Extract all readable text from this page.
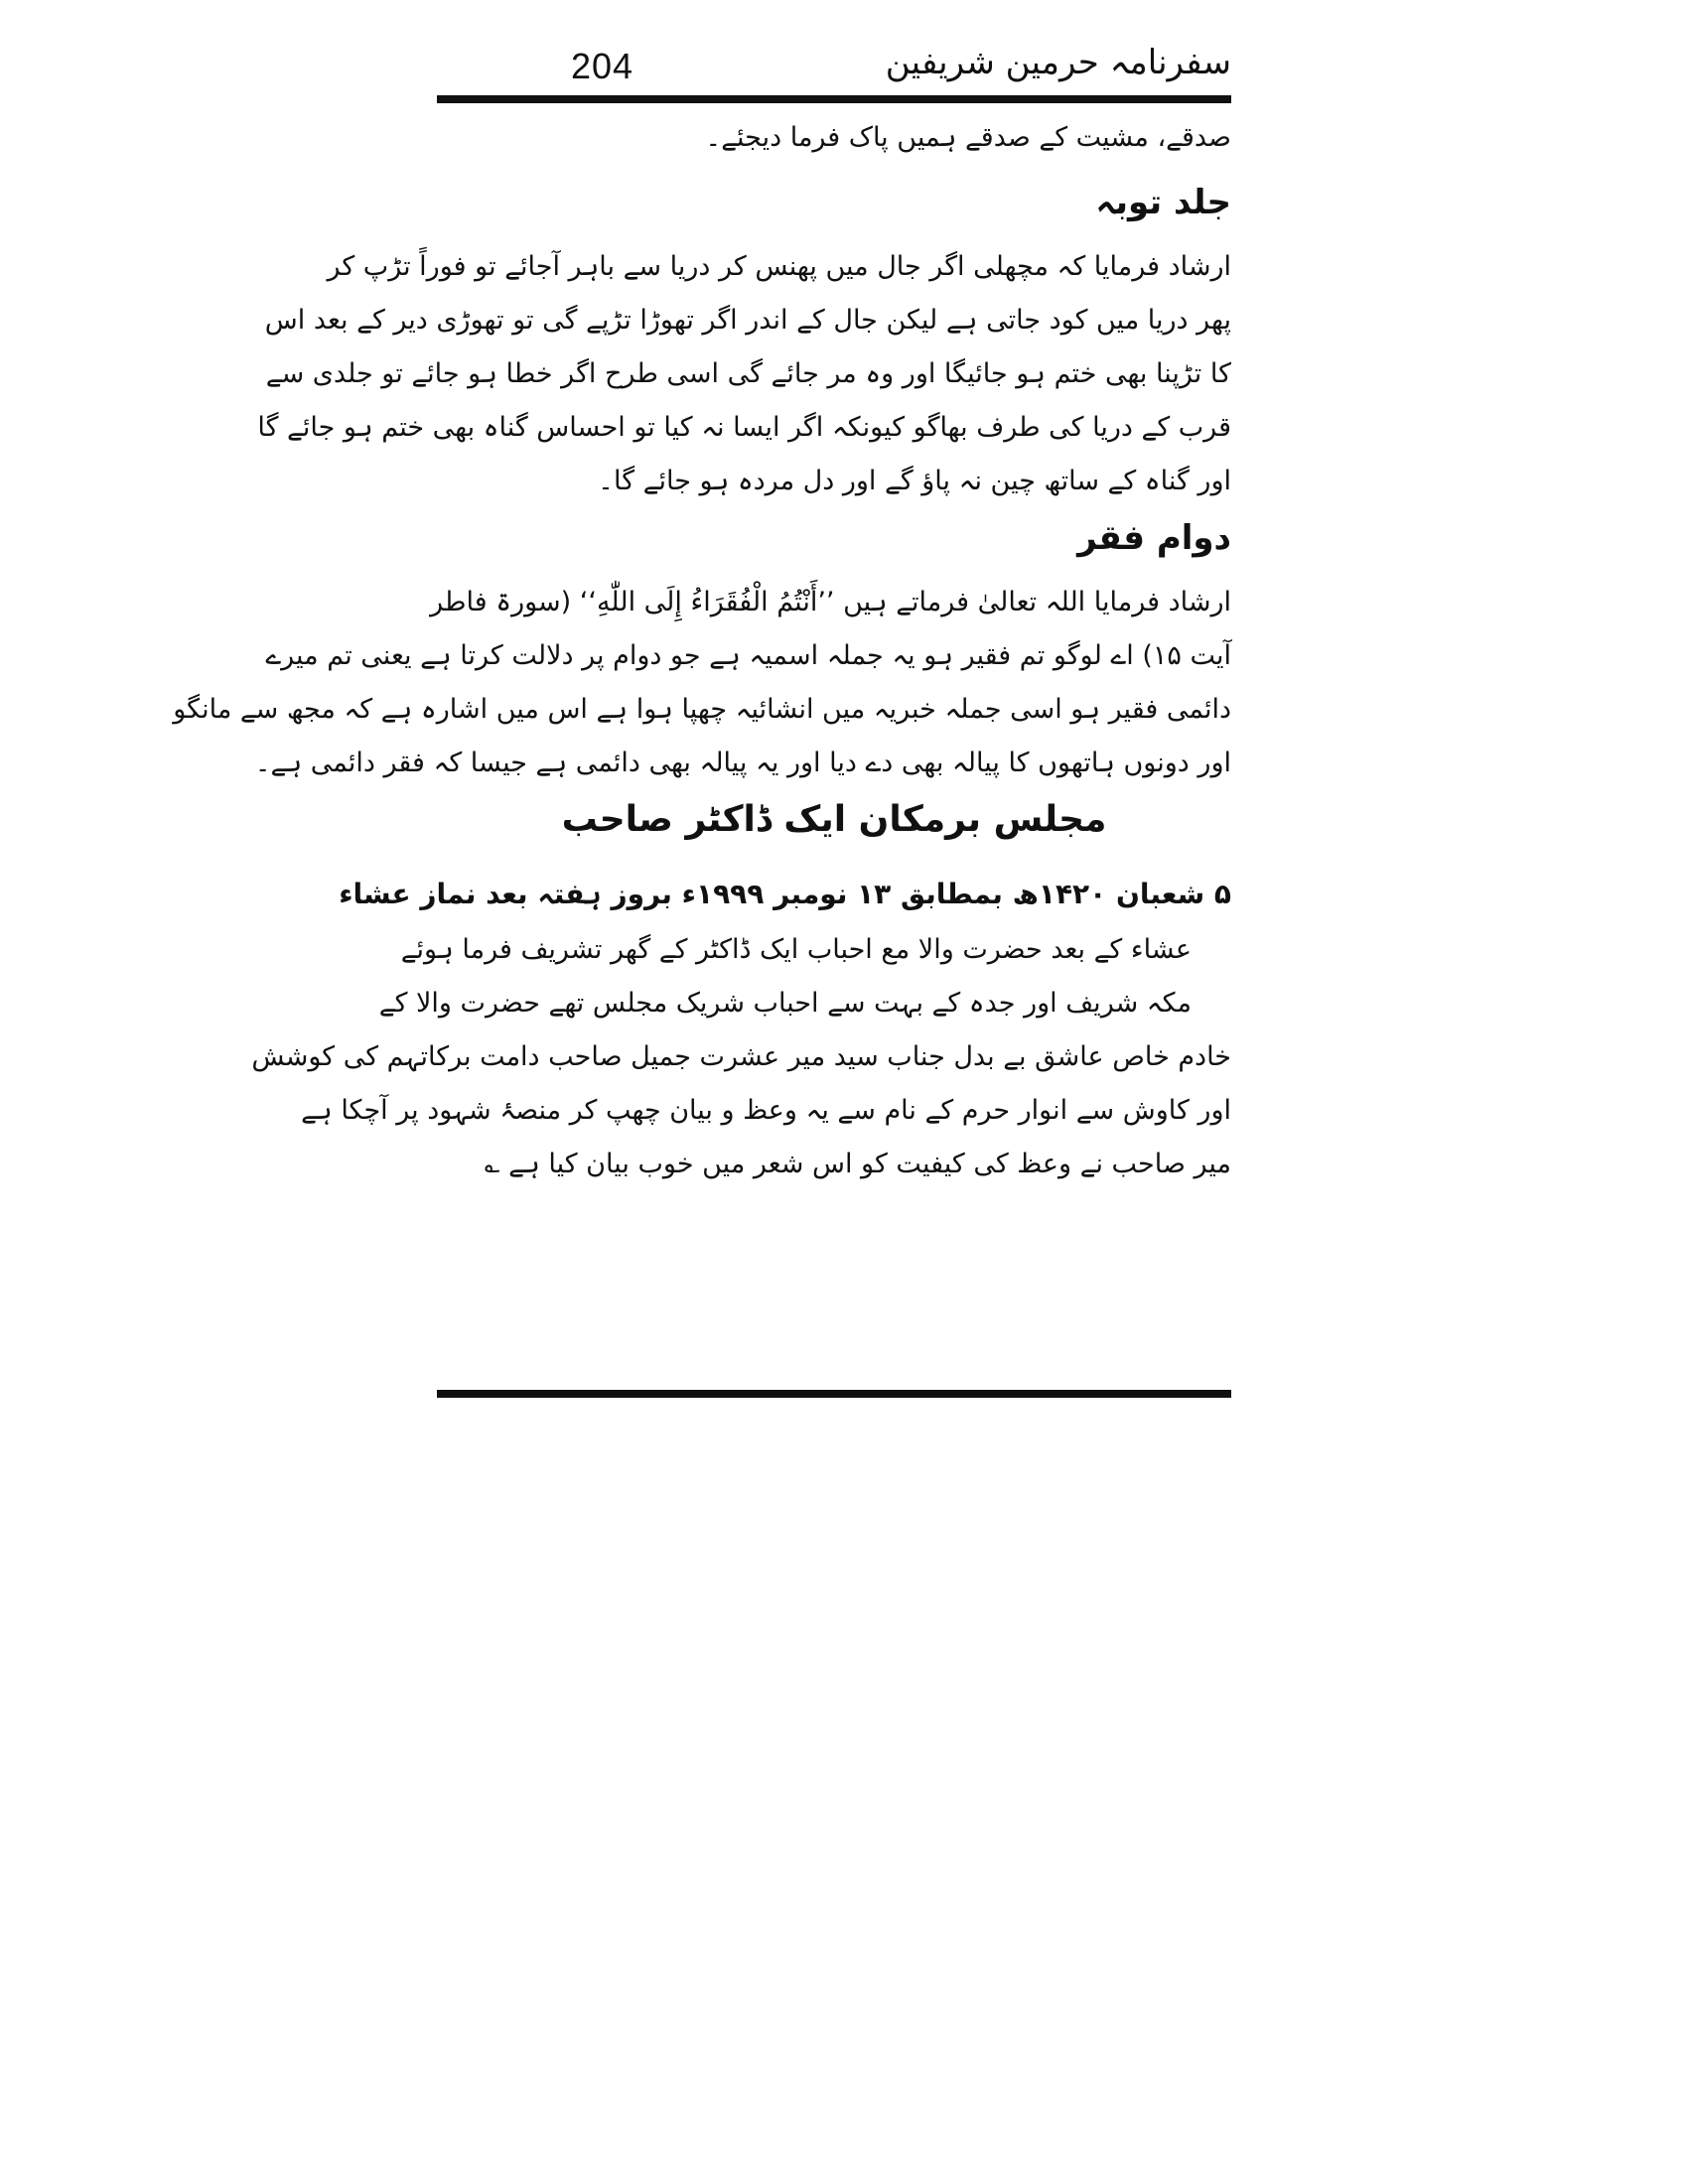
204	سفرنامہ حرمین شریفین
صدقے، مشیت کے صدقے ہمیں پاک فرما دیجئے۔
جلد توبہ
ارشاد فرمایا کہ مچھلی اگر جال میں پھنس کر دریا سے باہر آجائے تو فوراً تڑپ کر
پھر دریا میں کود جاتی ہے لیکن جال کے اندر اگر تھوڑا تڑپے گی تو تھوڑی دیر کے بعد اس
کا تڑپنا بھی ختم ہو جائیگا اور وہ مر جائے گی اسی طرح اگر خطا ہو جائے تو جلدی سے
قرب کے دریا کی طرف بھاگو کیونکہ اگر ایسا نہ کیا تو احساس گناہ بھی ختم ہو جائے گا
اور گناہ کے ساتھ چین نہ پاؤ گے اور دل مردہ ہو جائے گا۔
دوام فقر
ارشاد فرمایا اللہ تعالیٰ فرماتے ہیں ’’أَنْتُمُ الْفُقَرَاءُ إِلَى اللّٰهِ‘‘ (سورۃ فاطر
آیت ۱۵) اے لوگو تم فقیر ہو یہ جملہ اسمیہ ہے جو دوام پر دلالت کرتا ہے یعنی تم میرے
دائمی فقیر ہو اسی جملہ خبریہ میں انشائیہ چھپا ہوا ہے اس میں اشارہ ہے کہ مجھ سے مانگو
اور دونوں ہاتھوں کا پیالہ بھی دے دیا اور یہ پیالہ بھی دائمی ہے جیسا کہ فقر دائمی ہے۔
مجلس برمکان ایک ڈاکٹر صاحب
۵ شعبان ۱۴۲۰ھ بمطابق ۱۳ نومبر ۱۹۹۹ء بروز ہفتہ بعد نماز عشاء
عشاء کے بعد حضرت والا مع احباب ایک ڈاکٹر کے گھر تشریف فرما ہوئے
مکہ شریف اور جدہ کے بہت سے احباب شریک مجلس تھے حضرت والا کے
خادم خاص عاشق بے بدل جناب سید میر عشرت جمیل صاحب دامت برکاتہم کی کوشش
اور کاوش سے انوار حرم کے نام سے یہ وعظ و بیان چھپ کر منصۂ شہود پر آچکا ہے
میر صاحب نے وعظ کی کیفیت کو اس شعر میں خوب بیان کیا ہے ؎
